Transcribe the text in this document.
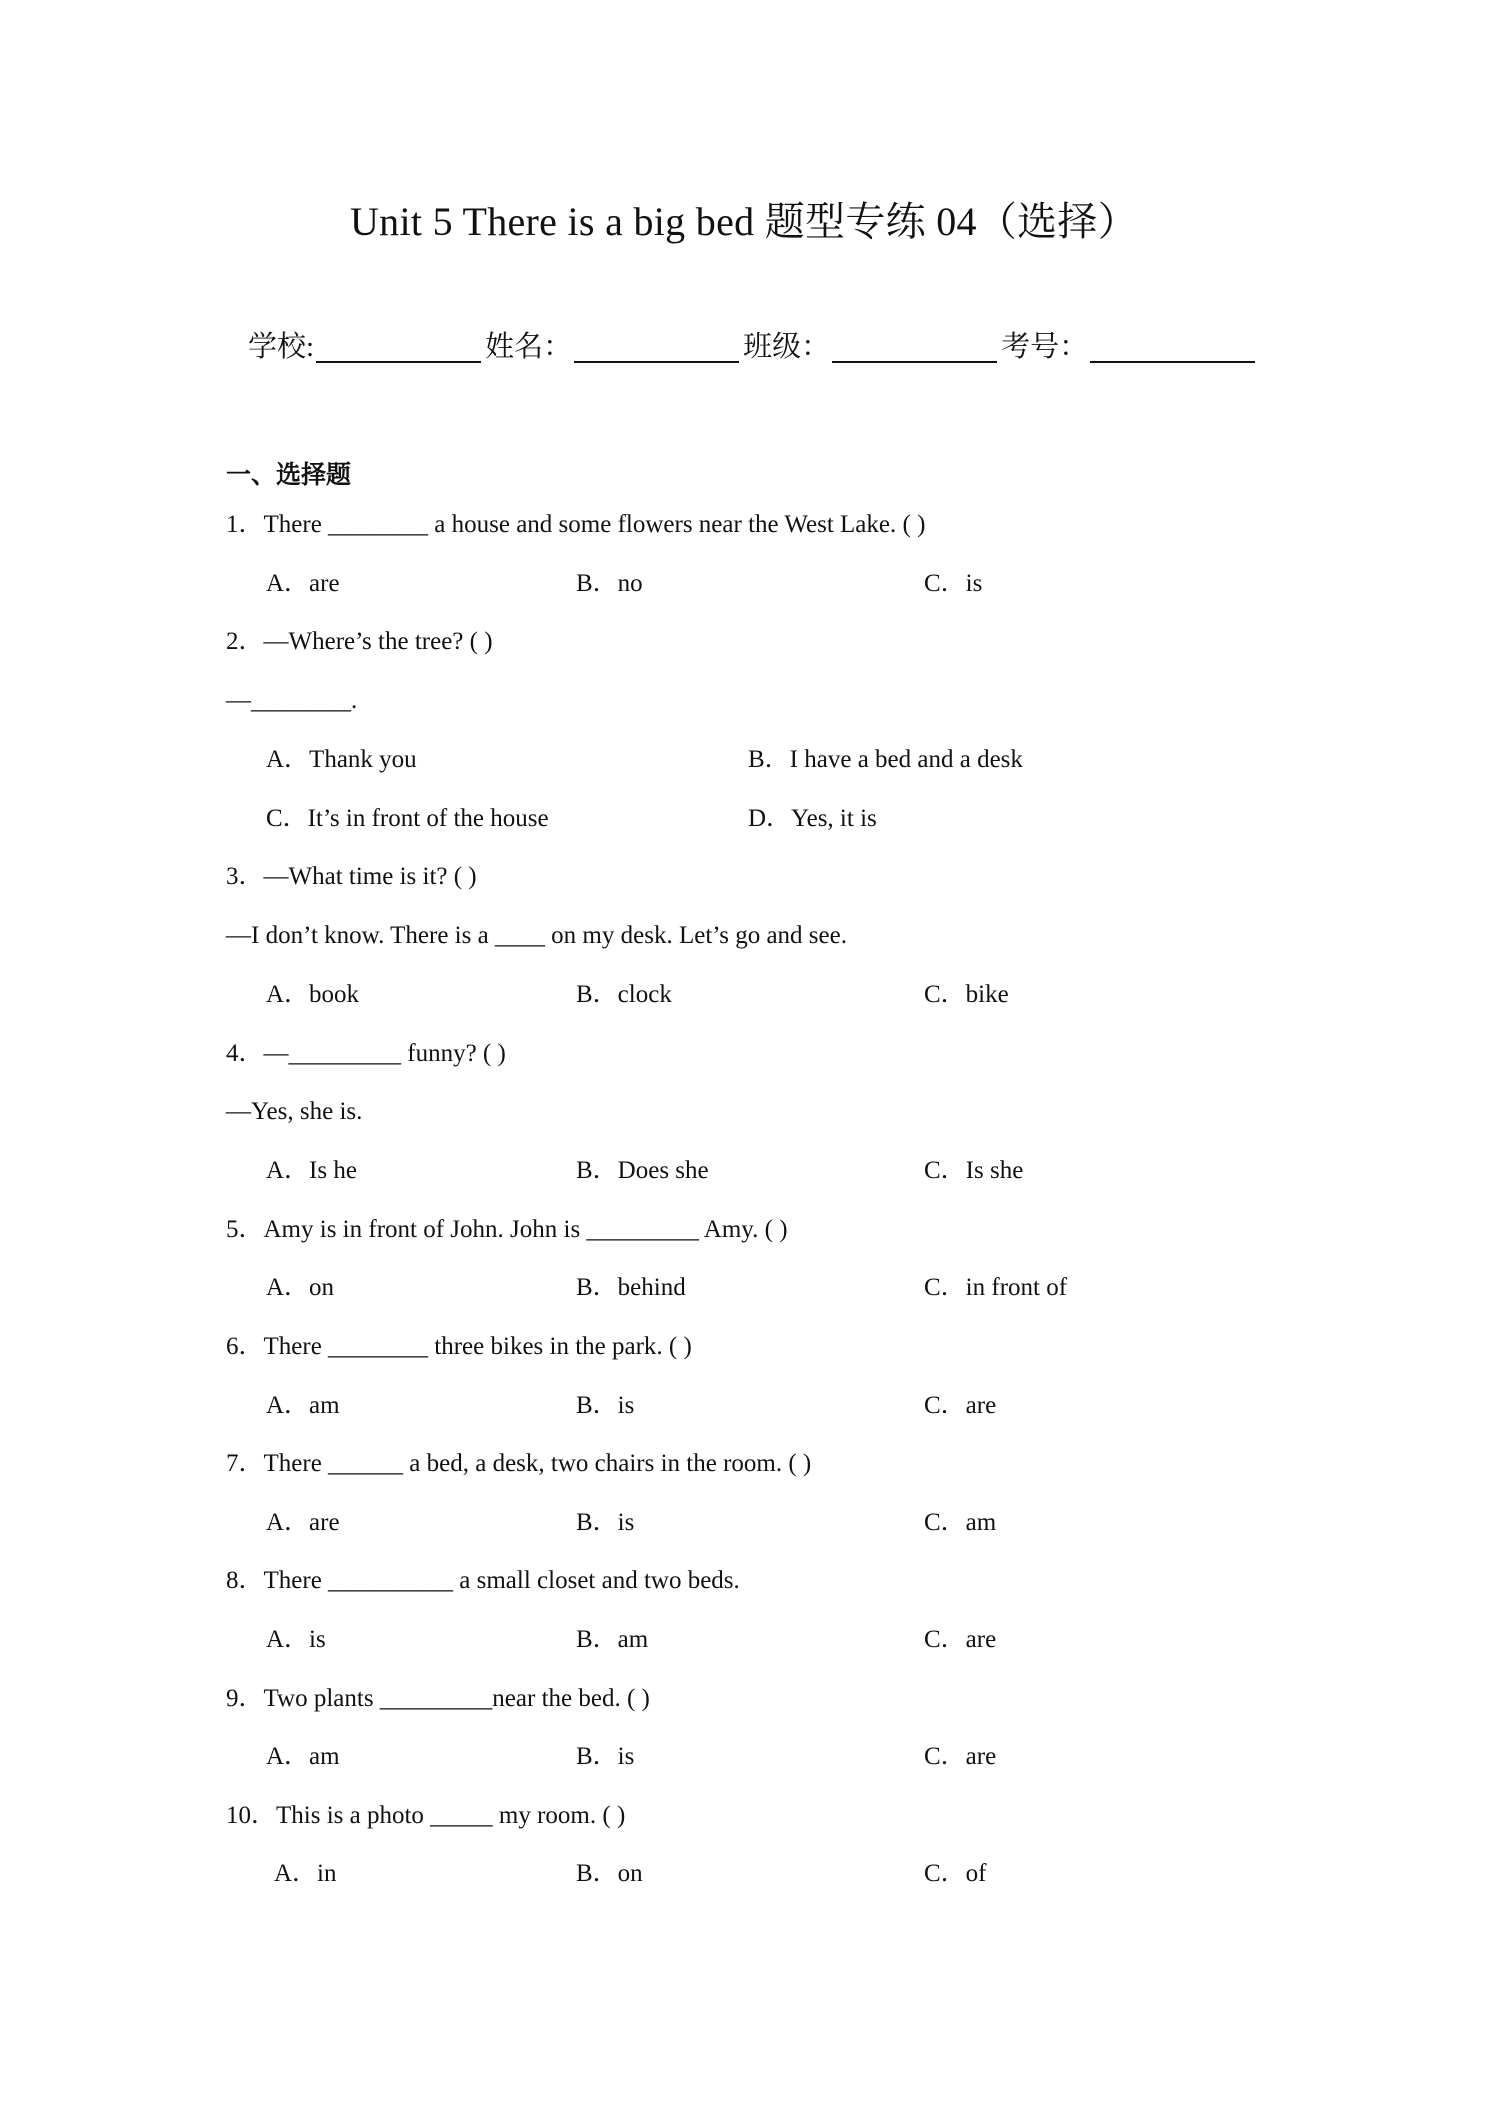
Unit 5 There is a big bed 题型专练 04（选择）
学校:	姓名：	班级：	考号：
一、选择题
1．There ________ a house and some flowers near the West Lake. ( )
A．are	B．no	C．is
2．—Where’s the tree? ( )
—________.
A．Thank you	B．I have a bed and a desk
C．It’s in front of the house	D．Yes, it is
3．—What time is it? ( )
—I don’t know. There is a ____ on my desk. Let’s go and see.
A．book	B．clock	C．bike
4．—_________ funny? ( )
—Yes, she is.
A．Is he	B．Does she	C．Is she
5．Amy is in front of John. John is _________ Amy. ( )
A．on	B．behind	C．in front of
6．There ________ three bikes in the park. ( )
A．am	B．is	C．are
7．There ______ a bed, a desk, two chairs in the room. ( )
A．are	B．is	C．am
8．There __________ a small closet and two beds.
A．is	B．am	C．are
9．Two plants _________near the bed. ( )
A．am	B．is	C．are
10．This is a photo _____ my room. ( )
A．in	B．on	C．of
